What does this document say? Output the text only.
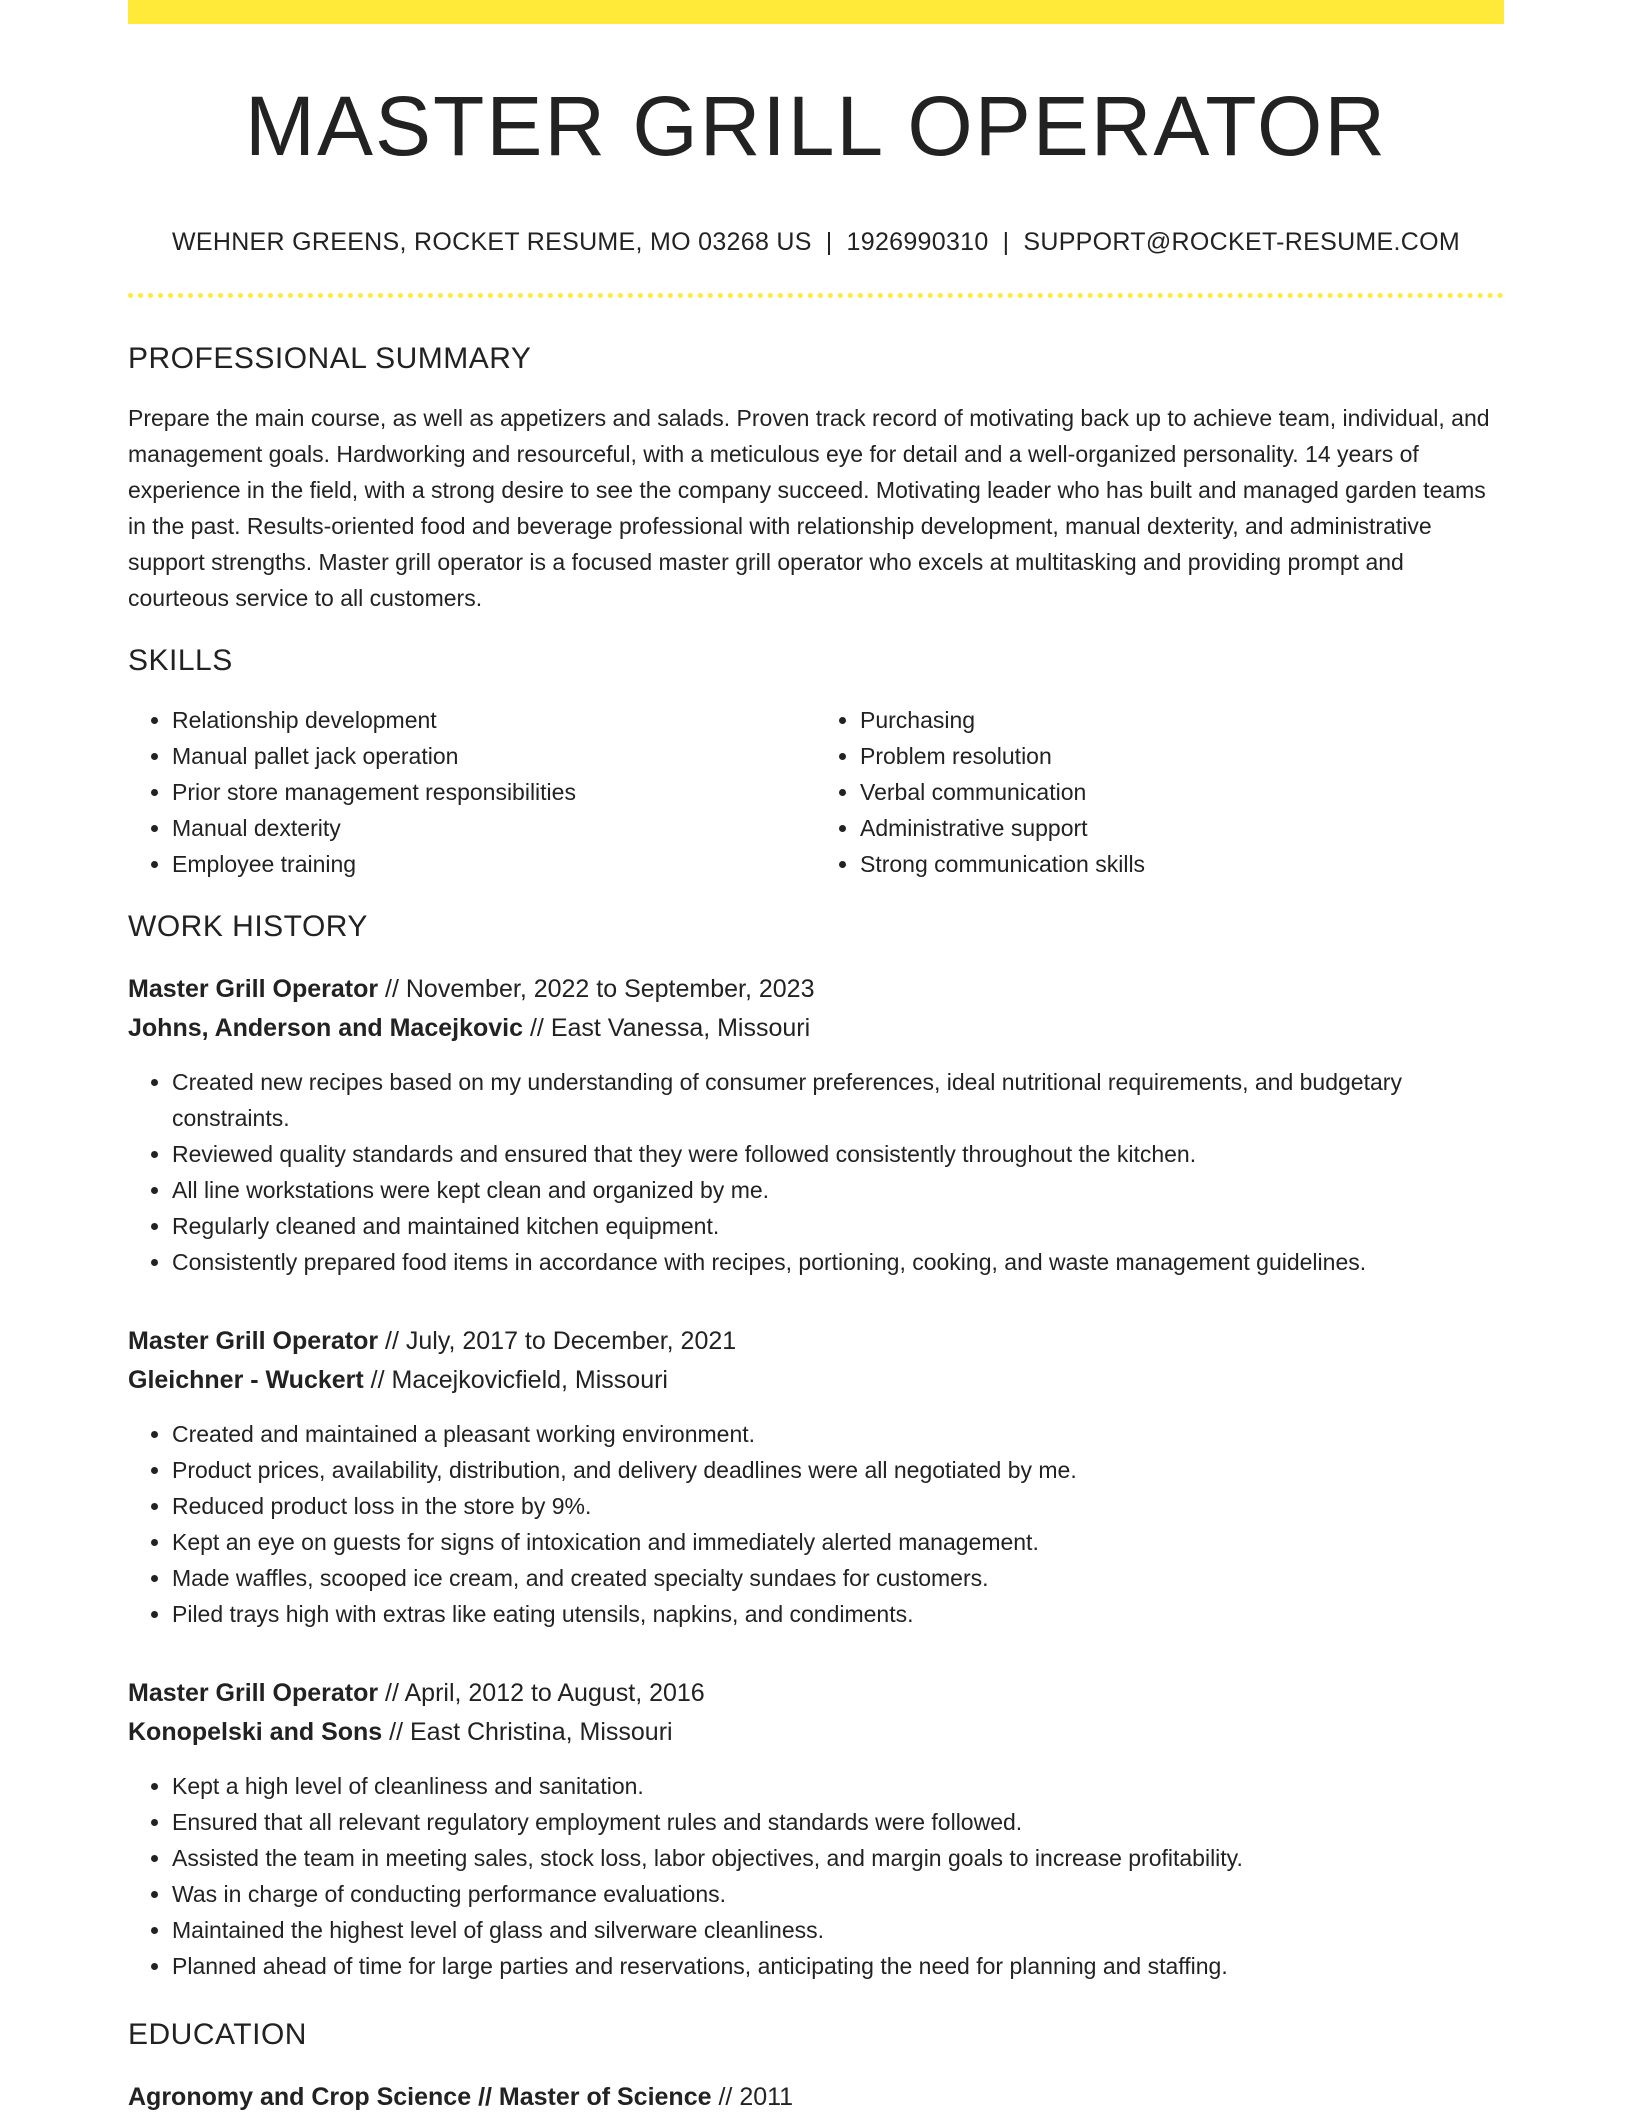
MASTER GRILL OPERATOR
WEHNER GREENS, ROCKET RESUME, MO 03268 US | 1926990310 | SUPPORT@ROCKET-RESUME.COM
PROFESSIONAL SUMMARY

Prepare the main course, as well as appetizers and salads. Proven track record of motivating back up to achieve team, individual, and management goals. Hardworking and resourceful, with a meticulous eye for detail and a well-organized personality. 14 years of experience in the field, with a strong desire to see the company succeed. Motivating leader who has built and managed garden teams in the past. Results-oriented food and beverage professional with relationship development, manual dexterity, and administrative support strengths. Master grill operator is a focused master grill operator who excels at multitasking and providing prompt and courteous service to all customers.

SKILLS
• Relationship development
• Manual pallet jack operation
• Prior store management responsibilities
• Manual dexterity
• Employee training
• Purchasing
• Problem resolution
• Verbal communication
• Administrative support
• Strong communication skills
WORK HISTORY
Master Grill Operator // November, 2022 to September, 2023
Johns, Anderson and Macejkovic // East Vanessa, Missouri
• Created new recipes based on my understanding of consumer preferences, ideal nutritional requirements, and budgetary constraints.
• Reviewed quality standards and ensured that they were followed consistently throughout the kitchen.
• All line workstations were kept clean and organized by me.
• Regularly cleaned and maintained kitchen equipment.
• Consistently prepared food items in accordance with recipes, portioning, cooking, and waste management guidelines.
Master Grill Operator // July, 2017 to December, 2021
Gleichner - Wuckert // Macejkovicfield, Missouri
• Created and maintained a pleasant working environment.
• Product prices, availability, distribution, and delivery deadlines were all negotiated by me.
• Reduced product loss in the store by 9%.
• Kept an eye on guests for signs of intoxication and immediately alerted management.
• Made waffles, scooped ice cream, and created specialty sundaes for customers.
• Piled trays high with extras like eating utensils, napkins, and condiments.
Master Grill Operator // April, 2012 to August, 2016
Konopelski and Sons // East Christina, Missouri
• Kept a high level of cleanliness and sanitation.
• Ensured that all relevant regulatory employment rules and standards were followed.
• Assisted the team in meeting sales, stock loss, labor objectives, and margin goals to increase profitability.
• Was in charge of conducting performance evaluations.
• Maintained the highest level of glass and silverware cleanliness.
• Planned ahead of time for large parties and reservations, anticipating the need for planning and staffing.
EDUCATION
Agronomy and Crop Science // Master of Science // 2011
